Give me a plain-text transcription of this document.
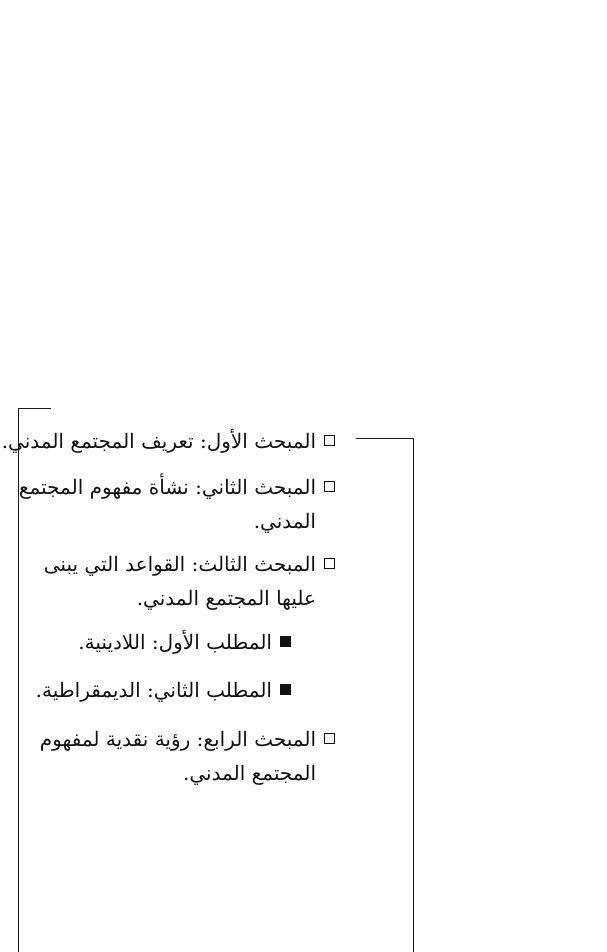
المبحث الأول: تعريف المجتمع المدني.
المبحث الثاني: نشأة مفهوم المجتمع
المدني.
المبحث الثالث: القواعد التي يبنى
عليها المجتمع المدني.
المطلب الأول: اللادينية.
المطلب الثاني: الديمقراطية.
المبحث الرابع: رؤية نقدية لمفهوم
المجتمع المدني.
